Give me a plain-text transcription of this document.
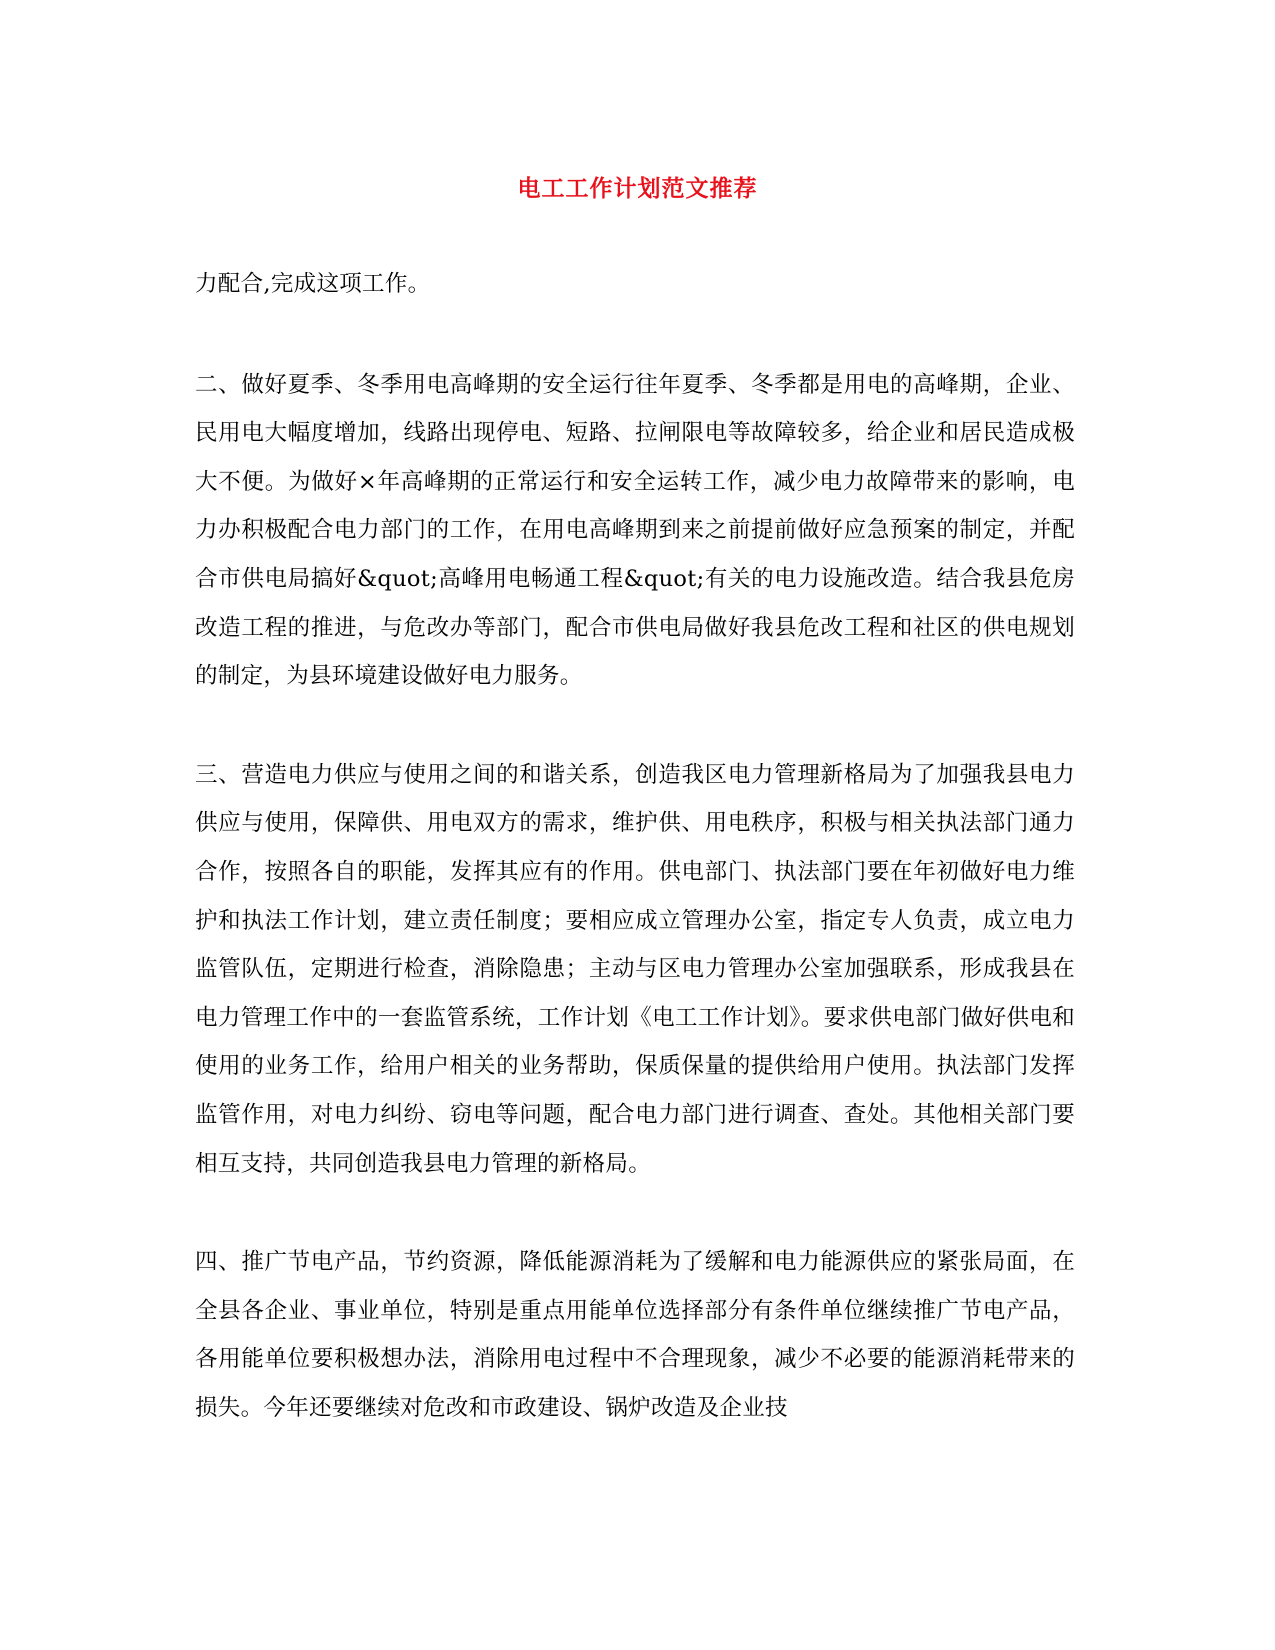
电工工作计划范文推荐

力配合,完成这项工作。

二、做好夏季、冬季用电高峰期的安全运行往年夏季、冬季都是用电的高峰期，企业、民用电大幅度增加，线路出现停电、短路、拉闸限电等故障较多，给企业和居民造成极大不便。为做好×年高峰期的正常运行和安全运转工作，减少电力故障带来的影响，电力办积极配合电力部门的工作，在用电高峰期到来之前提前做好应急预案的制定，并配合市供电局搞好&quot;高峰用电畅通工程&quot;有关的电力设施改造。结合我县危房改造工程的推进，与危改办等部门，配合市供电局做好我县危改工程和社区的供电规划的制定，为县环境建设做好电力服务。

三、营造电力供应与使用之间的和谐关系，创造我区电力管理新格局为了加强我县电力供应与使用，保障供、用电双方的需求，维护供、用电秩序，积极与相关执法部门通力合作，按照各自的职能，发挥其应有的作用。供电部门、执法部门要在年初做好电力维护和执法工作计划，建立责任制度；要相应成立管理办公室，指定专人负责，成立电力监管队伍，定期进行检查，消除隐患；主动与区电力管理办公室加强联系，形成我县在电力管理工作中的一套监管系统，工作计划《电工工作计划》。要求供电部门做好供电和使用的业务工作，给用户相关的业务帮助，保质保量的提供给用户使用。执法部门发挥监管作用，对电力纠纷、窃电等问题，配合电力部门进行调查、查处。其他相关部门要相互支持，共同创造我县电力管理的新格局。

四、推广节电产品，节约资源，降低能源消耗为了缓解和电力能源供应的紧张局面，在全县各企业、事业单位，特别是重点用能单位选择部分有条件单位继续推广节电产品，各用能单位要积极想办法，消除用电过程中不合理现象，减少不必要的能源消耗带来的损失。今年还要继续对危改和市政建设、锅炉改造及企业技
